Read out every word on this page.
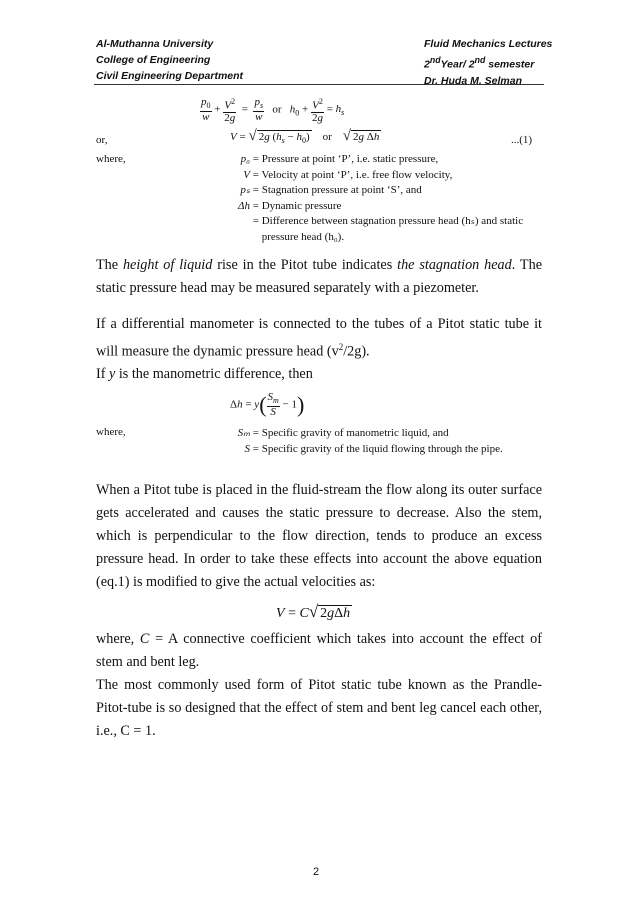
Al-Muthanna University
College of Engineering
Civil Engineering Department
Fluid Mechanics Lectures
2ndYear/ 2nd semester
Dr. Huda M. Selman
$\frac{p_0}{w} + \frac{V^2}{2g} = \frac{p_s}{w}$ or $h_0 + \frac{V^2}{2g} = h_s$
or,	V = √ 2g $(h_s - h_0)$ or √ 2g Δh	...(1)
where,	p₀ = Pressure at point ‘P’, i.e. static pressure,
V = Velocity at point ‘P’, i.e. free flow velocity,
pₛ = Stagnation pressure at point ‘S’, and
Δh = Dynamic pressure
= Difference between stagnation pressure head (hₛ) and static
pressure head (h₀).
The height of liquid rise in the Pitot tube indicates the stagnation head. The static pressure head may be measured separately with a piezometer.
If a differential manometer is connected to the tubes of a Pitot static tube it will measure the dynamic pressure head $(v^2/2g)$.
If y is the manometric difference, then
$\Delta h = y( \frac{S_m}{S} - 1)$
where,	Sₘ = Specific gravity of manometric liquid, and
S = Specific gravity of the liquid flowing through the pipe.
When a Pitot tube is placed in the fluid-stream the flow along its outer surface gets accelerated and causes the static pressure to decrease. Also the stem, which is perpendicular to the flow direction, tends to produce an excess pressure head. In order to take these effects into account the above equation (eq.1) is modified to give the actual velocities as:
V = C√ 2gΔh
where, C = A connective coefficient which takes into account the effect of stem and bent leg.
The most commonly used form of Pitot static tube known as the Prandle-Pitot-tube is so designed that the effect of stem and bent leg cancel each other, i.e., C = 1.
2
